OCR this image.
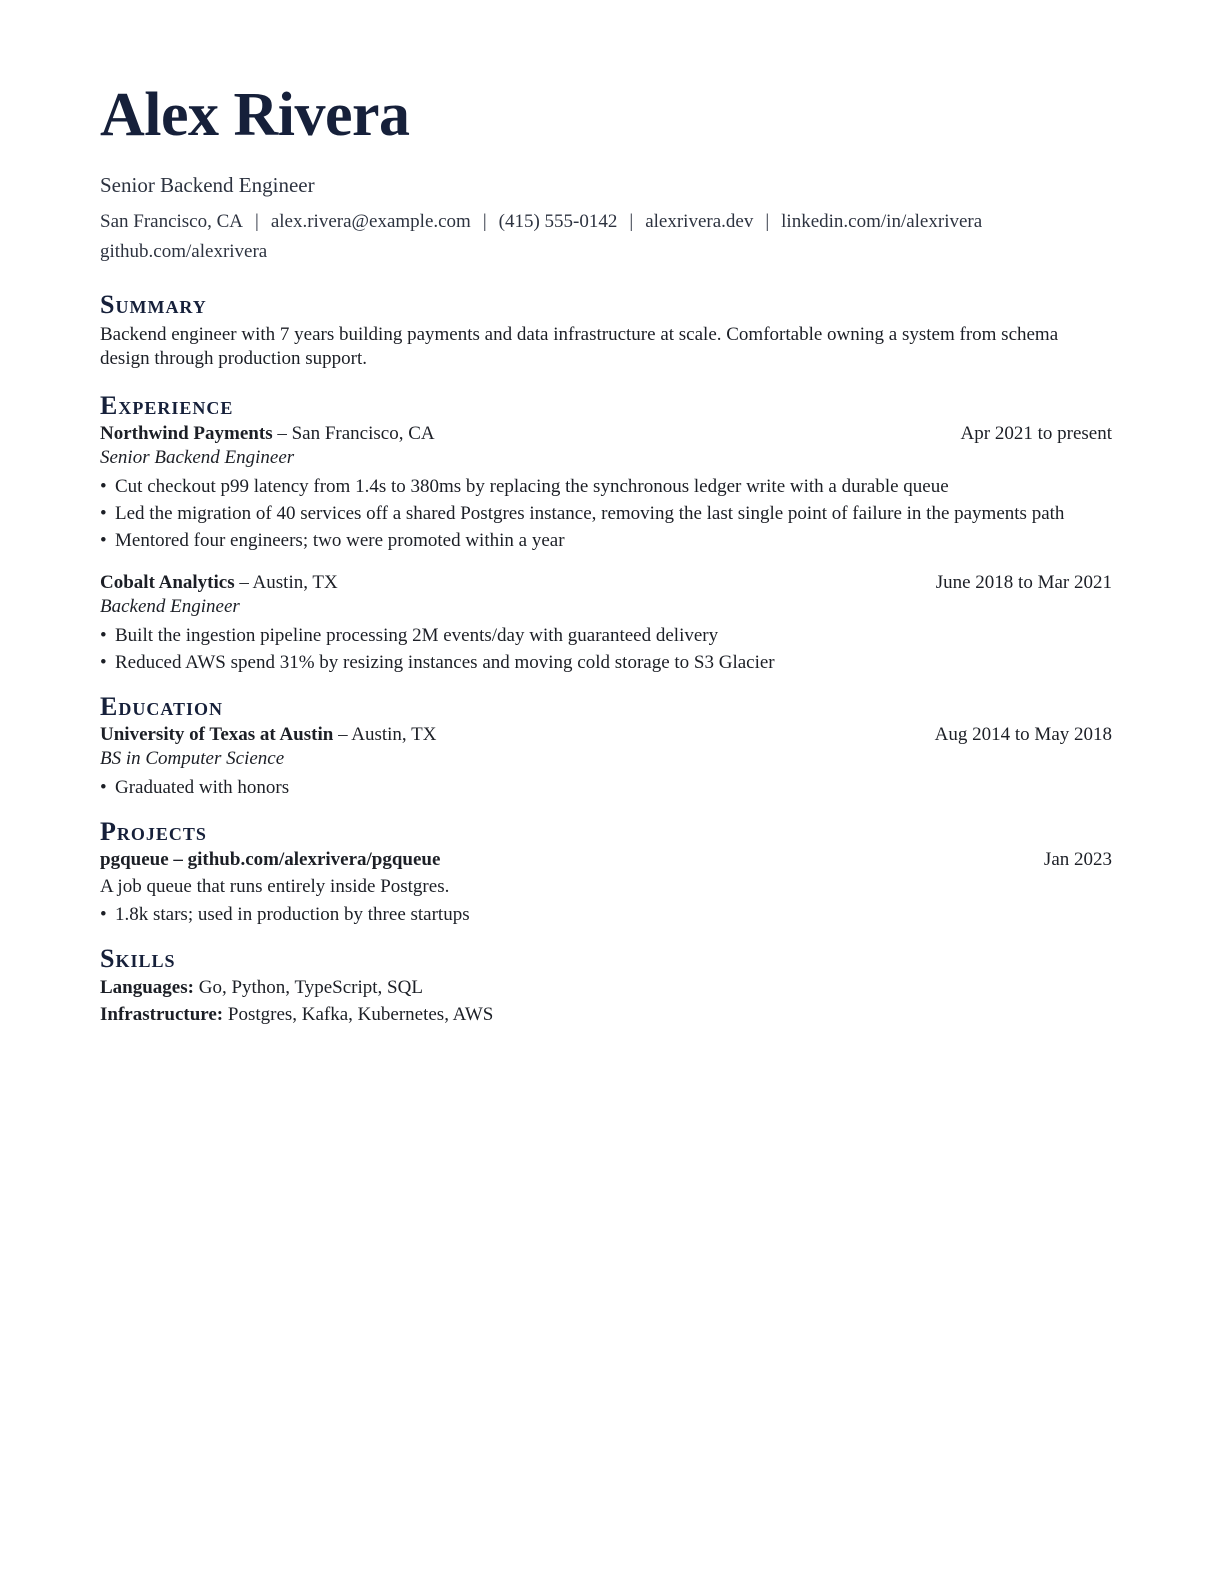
Alex Rivera
Senior Backend Engineer
San Francisco, CA | alex.rivera@example.com | (415) 555-0142 | alexrivera.dev | linkedin.com/in/alexrivera
github.com/alexrivera
Summary

Backend engineer with 7 years building payments and data infrastructure at scale. Comfortable owning a system from schema design through production support.

Experience
Northwind Payments – San Francisco, CA	Apr 2021 to present
Senior Backend Engineer
• Cut checkout p99 latency from 1.4s to 380ms by replacing the synchronous ledger write with a durable queue
• Led the migration of 40 services off a shared Postgres instance, removing the last single point of failure in the payments path
• Mentored four engineers; two were promoted within a year
Cobalt Analytics – Austin, TX	June 2018 to Mar 2021
Backend Engineer
• Built the ingestion pipeline processing 2M events/day with guaranteed delivery
• Reduced AWS spend 31% by resizing instances and moving cold storage to S3 Glacier
Education
University of Texas at Austin – Austin, TX	Aug 2014 to May 2018
BS in Computer Science
• Graduated with honors
Projects
pgqueue – github.com/alexrivera/pgqueue	Jan 2023
A job queue that runs entirely inside Postgres.
• 1.8k stars; used in production by three startups
Skills
Languages: Go, Python, TypeScript, SQL
Infrastructure: Postgres, Kafka, Kubernetes, AWS
